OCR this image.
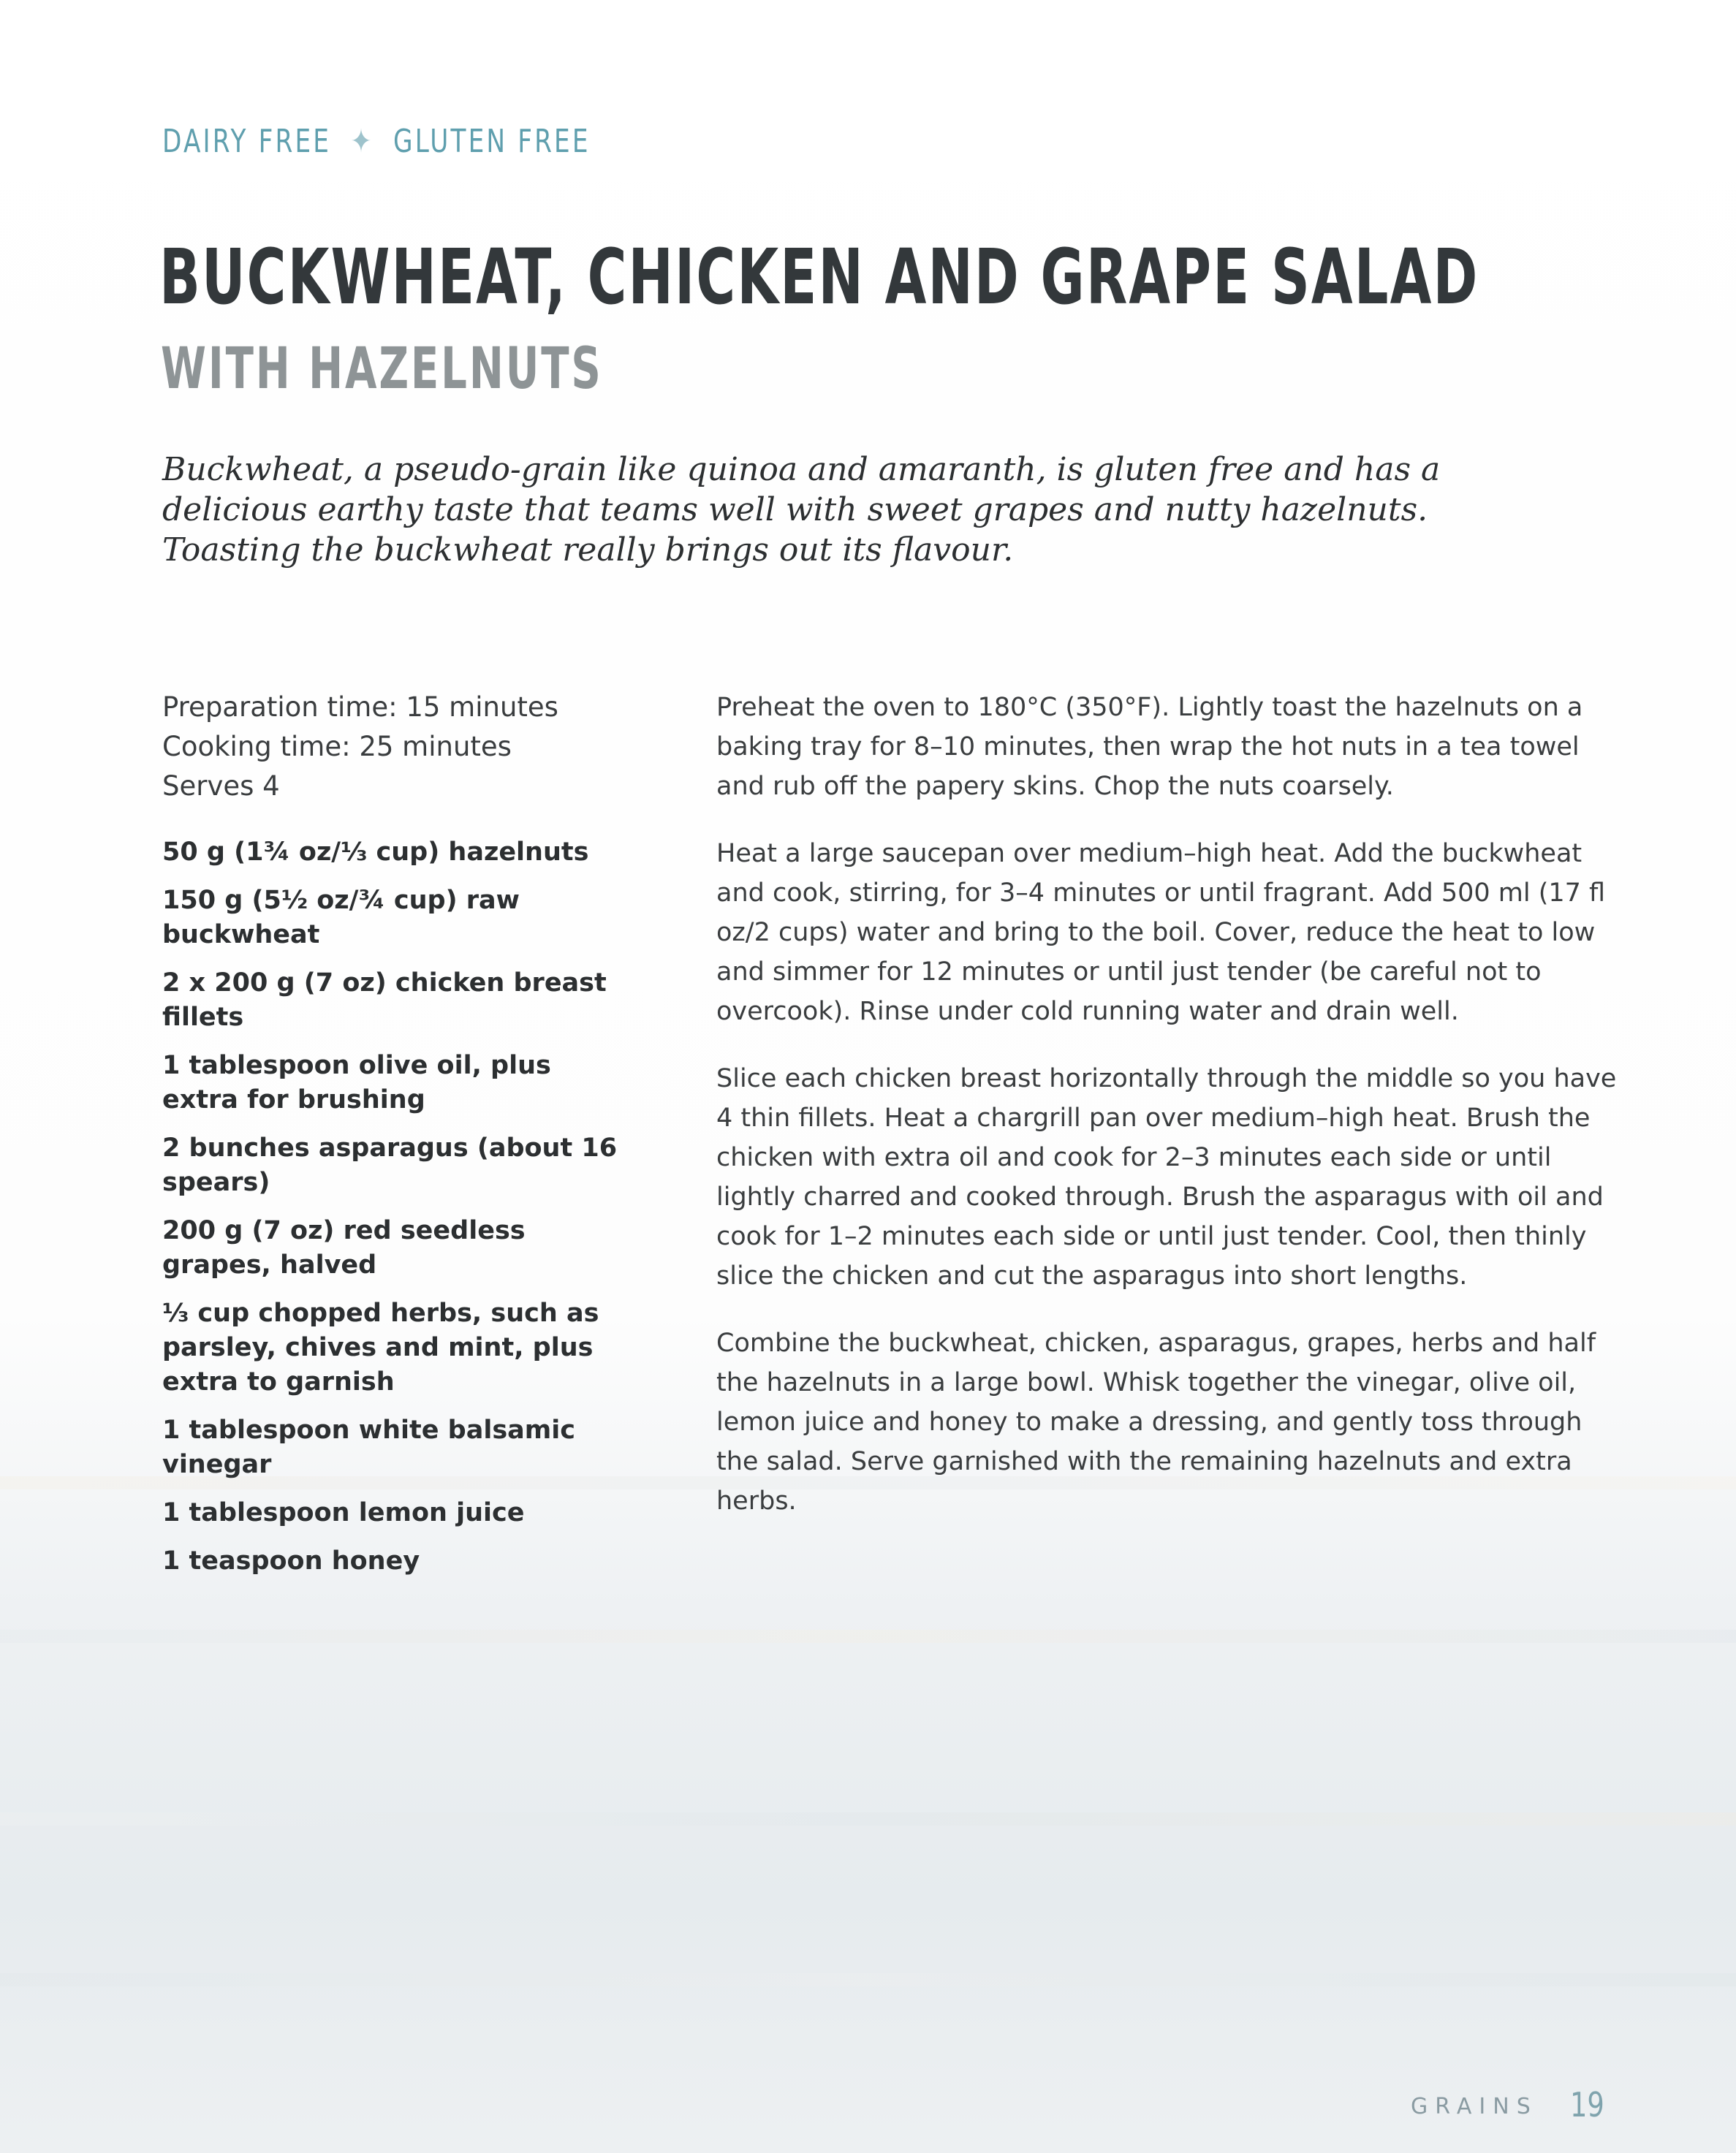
DAIRY FREE ✦ GLUTEN FREE
BUCKWHEAT, CHICKEN AND GRAPE SALAD
WITH HAZELNUTS

Buckwheat, a pseudo-grain like quinoa and amaranth, is gluten free and has a delicious earthy taste that teams well with sweet grapes and nutty hazelnuts. Toasting the buckwheat really brings out its flavour.

Preparation time: 15 minutes
Cooking time: 25 minutes
Serves 4
50 g (1¾ oz/⅓ cup) hazelnuts
150 g (5½ oz/¾ cup) raw buckwheat
2 x 200 g (7 oz) chicken breast fillets
1 tablespoon olive oil, plus extra for brushing
2 bunches asparagus (about 16 spears)
200 g (7 oz) red seedless grapes, halved
⅓ cup chopped herbs, such as parsley, chives and mint, plus extra to garnish
1 tablespoon white balsamic vinegar
1 tablespoon lemon juice
1 teaspoon honey

Preheat the oven to 180°C (350°F). Lightly toast the hazelnuts on a baking tray for 8–10 minutes, then wrap the hot nuts in a tea towel and rub off the papery skins. Chop the nuts coarsely.

Heat a large saucepan over medium–high heat. Add the buckwheat and cook, stirring, for 3–4 minutes or until fragrant. Add 500 ml (17 fl oz/2 cups) water and bring to the boil. Cover, reduce the heat to low and simmer for 12 minutes or until just tender (be careful not to overcook). Rinse under cold running water and drain well.

Slice each chicken breast horizontally through the middle so you have 4 thin fillets. Heat a chargrill pan over medium–high heat. Brush the chicken with extra oil and cook for 2–3 minutes each side or until lightly charred and cooked through. Brush the asparagus with oil and cook for 1–2 minutes each side or until just tender. Cool, then thinly slice the chicken and cut the asparagus into short lengths.

Combine the buckwheat, chicken, asparagus, grapes, herbs and half the hazelnuts in a large bowl. Whisk together the vinegar, olive oil, lemon juice and honey to make a dressing, and gently toss through the salad. Serve garnished with the remaining hazelnuts and extra herbs.

GRAINS 19
